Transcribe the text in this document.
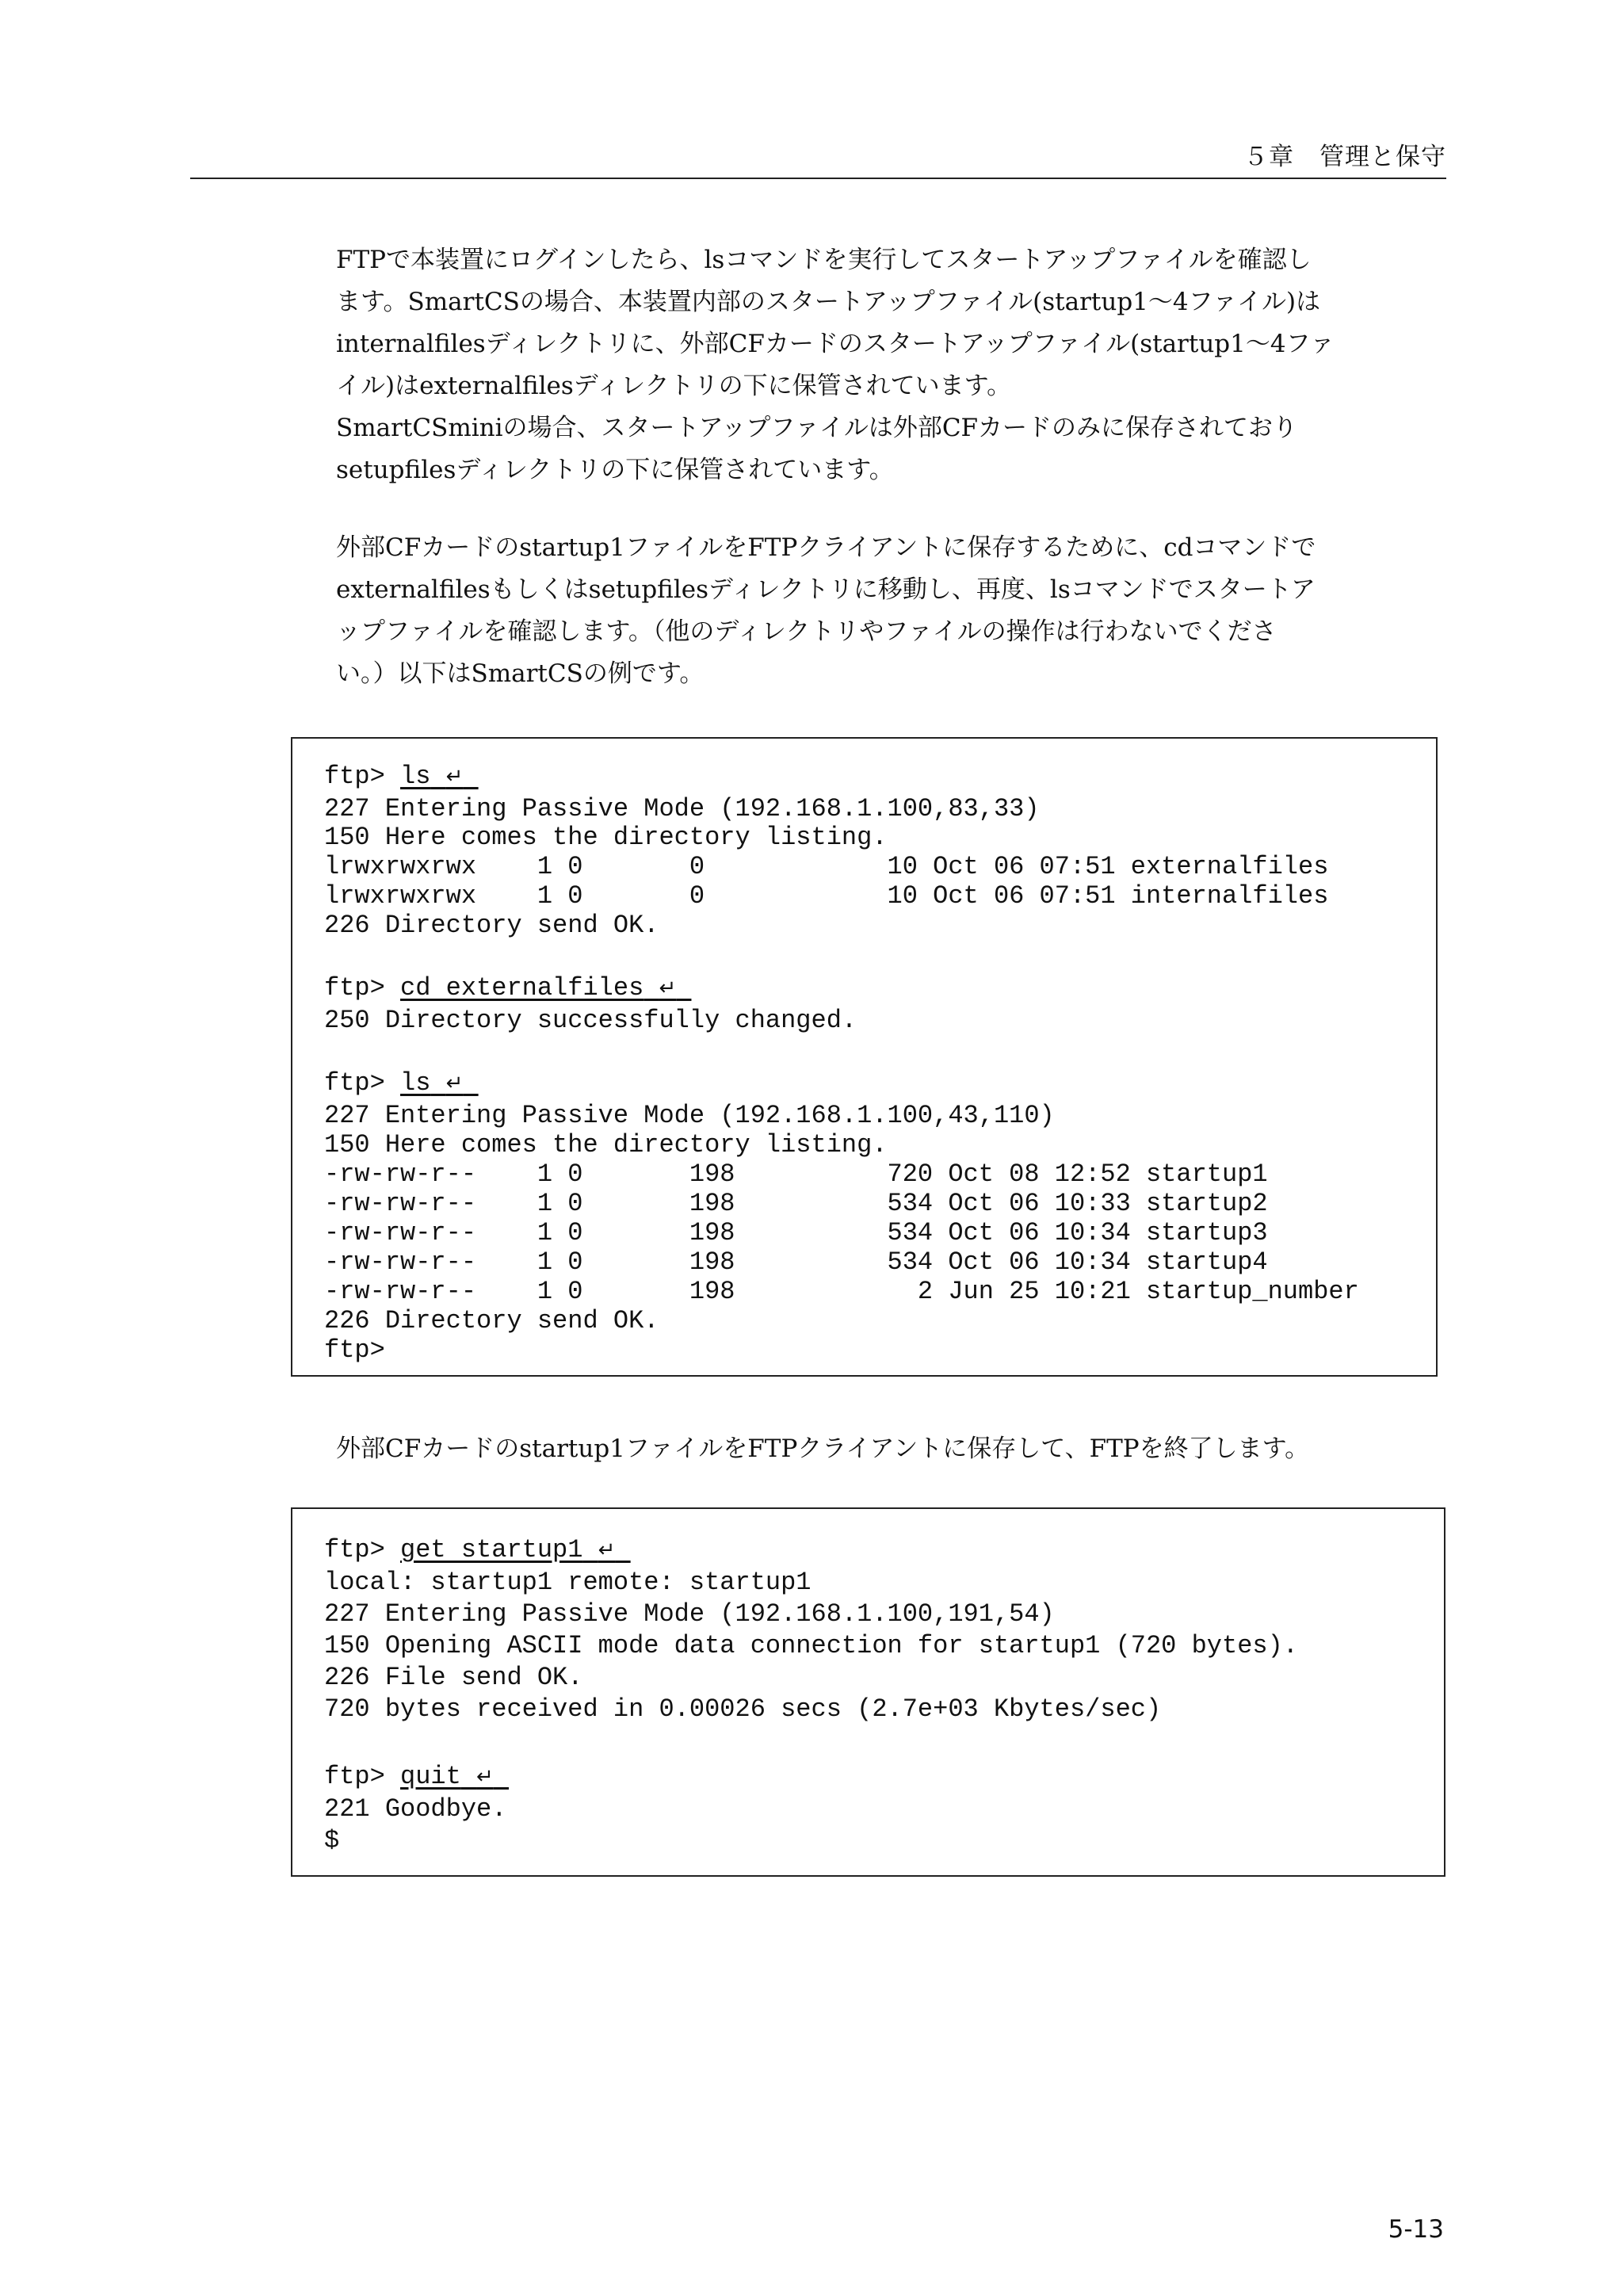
５章　管理と保守

FTPで本装置にログインしたら、lsコマンドを実行してスタートアップファイルを確認し
ます。SmartCSの場合、本装置内部のスタートアップファイル(startup1～4ファイル)は
internalfilesディレクトリに、外部CFカードのスタートアップファイル(startup1～4ファ
イル)はexternalfilesディレクトリの下に保管されています。
SmartCSminiの場合、スタートアップファイルは外部CFカードのみに保存されており
setupfilesディレクトリの下に保管されています。

外部CFカードのstartup1ファイルをFTPクライアントに保存するために、cdコマンドで
externalfilesもしくはsetupfilesディレクトリに移動し、再度、lsコマンドでスタートア
ップファイルを確認します。（他のディレクトリやファイルの操作は行わないでくださ
い。）以下はSmartCSの例です。

ftp> ls ↵
227 Entering Passive Mode (192.168.1.100,83,33)
150 Here comes the directory listing.
lrwxrwxrwx    1 0       0            10 Oct 06 07:51 externalfiles
lrwxrwxrwx    1 0       0            10 Oct 06 07:51 internalfiles
226 Directory send OK.
ftp> cd externalfiles ↵
250 Directory successfully changed.
ftp> ls ↵
227 Entering Passive Mode (192.168.1.100,43,110)
150 Here comes the directory listing.
-rw-rw-r--    1 0       198          720 Oct 08 12:52 startup1
-rw-rw-r--    1 0       198          534 Oct 06 10:33 startup2
-rw-rw-r--    1 0       198          534 Oct 06 10:34 startup3
-rw-rw-r--    1 0       198          534 Oct 06 10:34 startup4
-rw-rw-r--    1 0       198            2 Jun 25 10:21 startup_number
226 Directory send OK.
ftp>

外部CFカードのstartup1ファイルをFTPクライアントに保存して、FTPを終了します。

ftp> get startup1 ↵
local: startup1 remote: startup1
227 Entering Passive Mode (192.168.1.100,191,54)
150 Opening ASCII mode data connection for startup1 (720 bytes).
226 File send OK.
720 bytes received in 0.00026 secs (2.7e+03 Kbytes/sec)
ftp> quit ↵
221 Goodbye.
$
5-13
